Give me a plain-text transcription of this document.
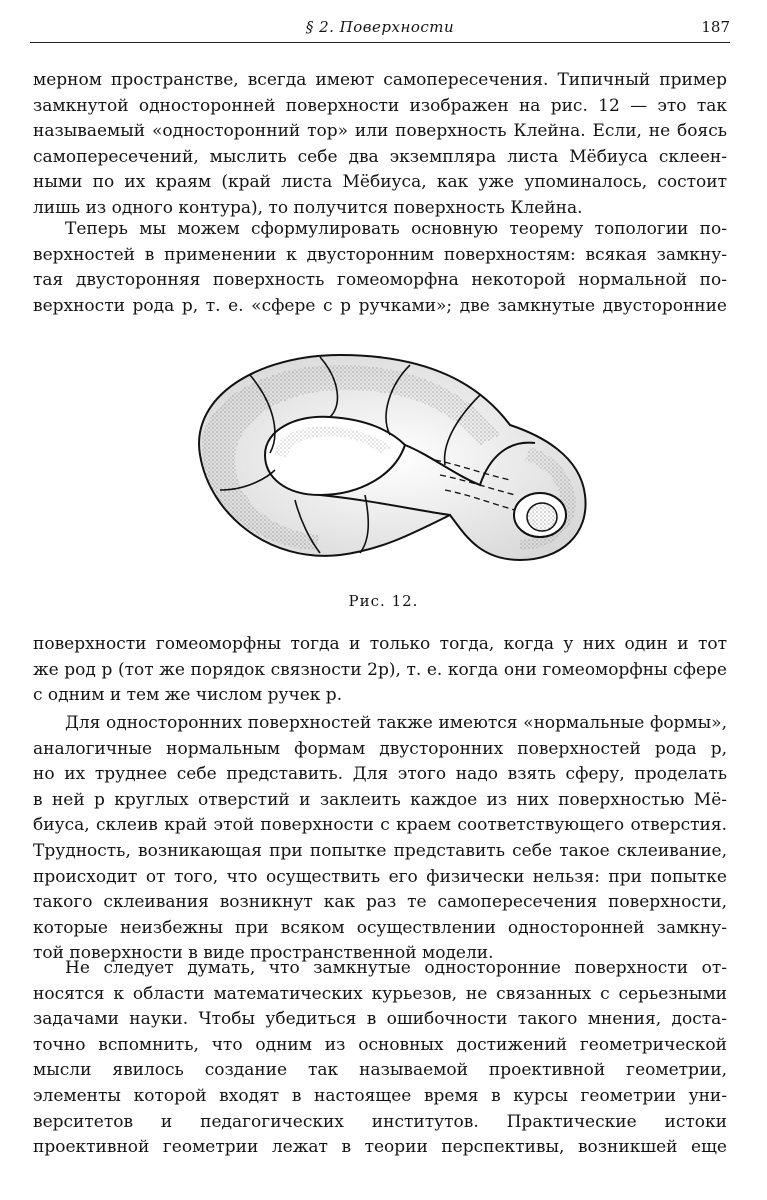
§ 2. Поверхности	187
мерном пространстве, всегда имеют самопересечения. Типичный пример
замкнутой односторонней поверхности изображен на рис. 12 — это так
называемый «односторонний тор» или поверхность Клейна. Если, не боясь
самопересечений, мыслить себе два экземпляра листа Мёбиуса склеен-
ными по их краям (край листа Мёбиуса, как уже упоминалось, состоит
лишь из одного контура), то получится поверхность Клейна.
Теперь мы можем сформулировать основную теорему топологии по-
верхностей в применении к двусторонним поверхностям: всякая замкну-
тая двусторонняя поверхность гомеоморфна некоторой нормальной по-
верхности рода p, т. е. «сфере с p ручками»; две замкнутые двусторонние
Рис. 12.
поверхности гомеоморфны тогда и только тогда, когда у них один и тот
же род p (тот же порядок связности 2p), т. е. когда они гомеоморфны сфере
с одним и тем же числом ручек p.
Для односторонних поверхностей также имеются «нормальные формы»,
аналогичные нормальным формам двусторонних поверхностей рода p,
но их труднее себе представить. Для этого надо взять сферу, проделать
в ней p круглых отверстий и заклеить каждое из них поверхностью Мё-
биуса, склеив край этой поверхности с краем соответствующего отверстия.
Трудность, возникающая при попытке представить себе такое склеивание,
происходит от того, что осуществить его физически нельзя: при попытке
такого склеивания возникнут как раз те самопересечения поверхности,
которые неизбежны при всяком осуществлении односторонней замкну-
той поверхности в виде пространственной модели.
Не следует думать, что замкнутые односторонние поверхности от-
носятся к области математических курьезов, не связанных с серьезными
задачами науки. Чтобы убедиться в ошибочности такого мнения, доста-
точно вспомнить, что одним из основных достижений геометрической
мысли явилось создание так называемой проективной геометрии,
элементы которой входят в настоящее время в курсы геометрии уни-
верситетов и педагогических институтов. Практические истоки
проективной геометрии лежат в теории перспективы, возникшей еще
